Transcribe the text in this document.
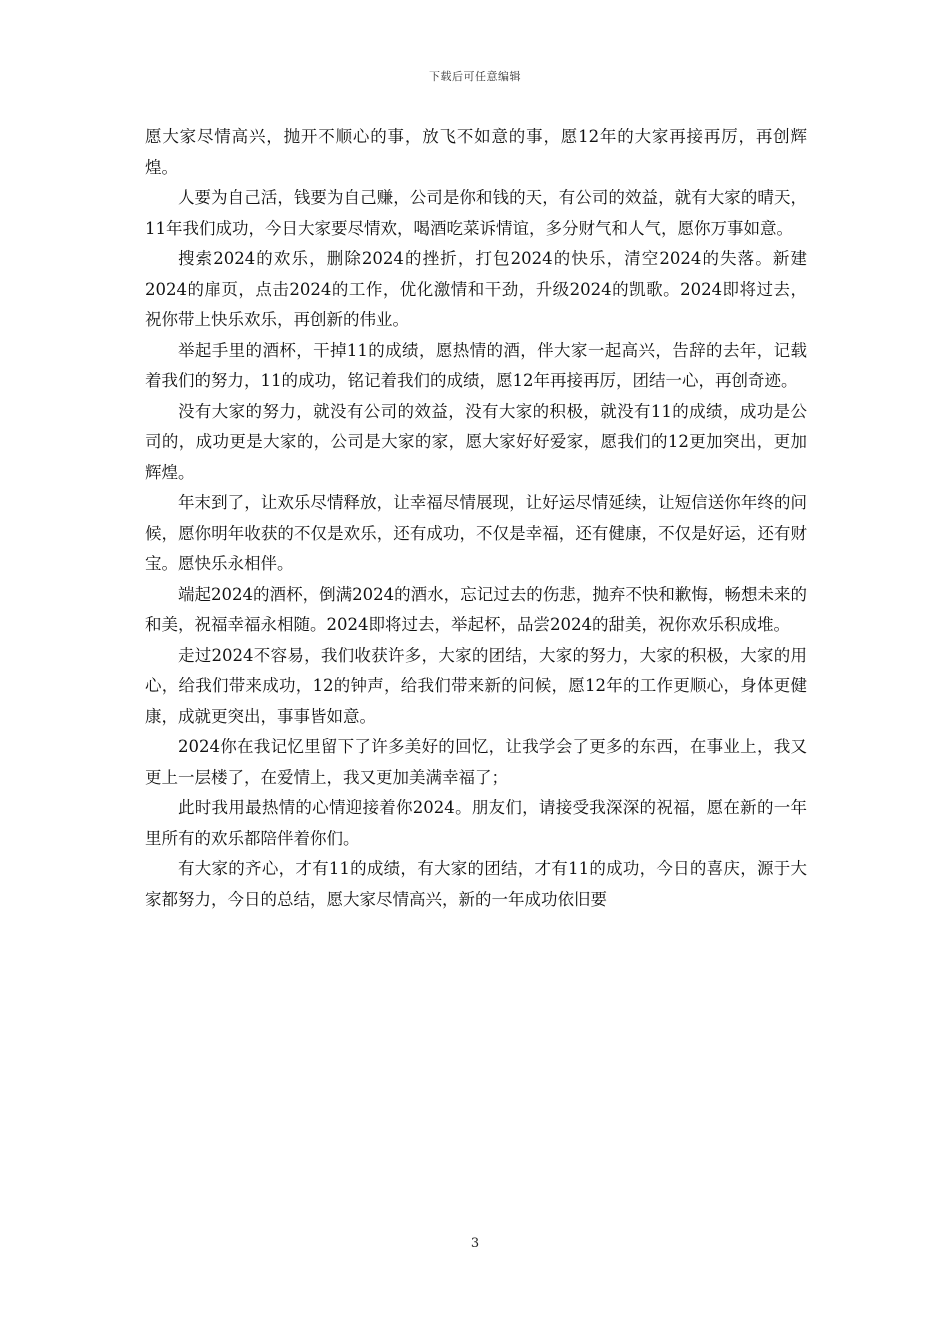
下载后可任意编辑

愿大家尽情高兴，抛开不顺心的事，放飞不如意的事，愿12年的大家再接再厉，再创辉煌。

人要为自己活，钱要为自己赚，公司是你和钱的天，有公司的效益，就有大家的晴天，11年我们成功，今日大家要尽情欢，喝酒吃菜诉情谊，多分财气和人气，愿你万事如意。

搜索2024的欢乐，删除2024的挫折，打包2024的快乐，清空2024的失落。新建2024的扉页，点击2024的工作，优化激情和干劲，升级2024的凯歌。2024即将过去，祝你带上快乐欢乐，再创新的伟业。

举起手里的酒杯，干掉11的成绩，愿热情的酒，伴大家一起高兴，告辞的去年，记载着我们的努力，11的成功，铭记着我们的成绩，愿12年再接再厉，团结一心，再创奇迹。

没有大家的努力，就没有公司的效益，没有大家的积极，就没有11的成绩，成功是公司的，成功更是大家的，公司是大家的家，愿大家好好爱家，愿我们的12更加突出，更加辉煌。

年末到了，让欢乐尽情释放，让幸福尽情展现，让好运尽情延续，让短信送你年终的问候，愿你明年收获的不仅是欢乐，还有成功，不仅是幸福，还有健康，不仅是好运，还有财宝。愿快乐永相伴。

端起2024的酒杯，倒满2024的酒水，忘记过去的伤悲，抛弃不快和歉悔，畅想未来的和美，祝福幸福永相随。2024即将过去，举起杯，品尝2024的甜美，祝你欢乐积成堆。

走过2024不容易，我们收获许多，大家的团结，大家的努力，大家的积极，大家的用心，给我们带来成功，12的钟声，给我们带来新的问候，愿12年的工作更顺心，身体更健康，成就更突出，事事皆如意。

2024你在我记忆里留下了许多美好的回忆，让我学会了更多的东西，在事业上，我又更上一层楼了，在爱情上，我又更加美满幸福了；

此时我用最热情的心情迎接着你2024。朋友们，请接受我深深的祝福，愿在新的一年里所有的欢乐都陪伴着你们。

有大家的齐心，才有11的成绩，有大家的团结，才有11的成功，今日的喜庆，源于大家都努力，今日的总结，愿大家尽情高兴，新的一年成功依旧要

3
